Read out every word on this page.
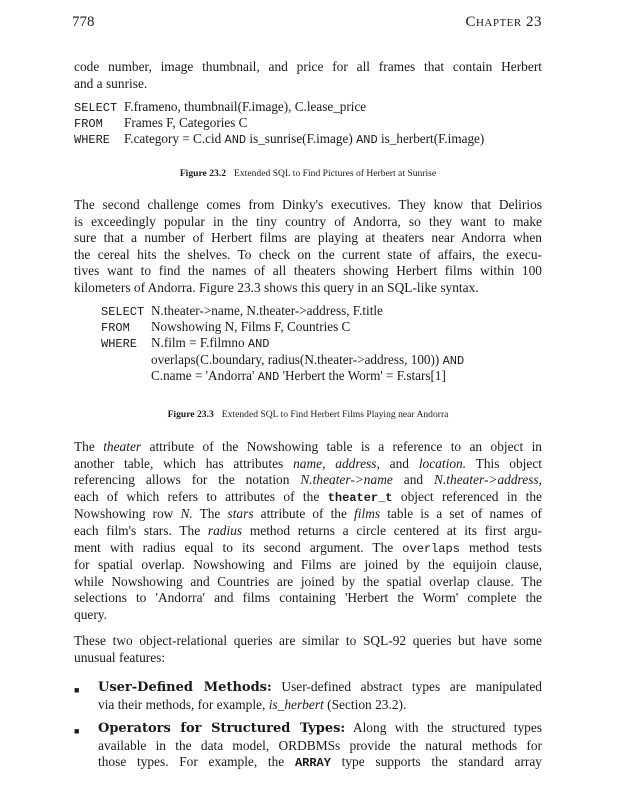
778	Chapter 23
code number, image thumbnail, and price for all frames that contain Herbert
and a sunrise.
SELECT F.frameno, thumbnail(F.image), C.lease_price
FROM Frames F, Categories C
WHERE F.category = C.cid AND is_sunrise(F.image) AND is_herbert(F.image)
Figure 23.2 Extended SQL to Find Pictures of Herbert at Sunrise
The second challenge comes from Dinky's executives. They know that Delirios
is exceedingly popular in the tiny country of Andorra, so they want to make
sure that a number of Herbert films are playing at theaters near Andorra when
the cereal hits the shelves. To check on the current state of affairs, the execu-
tives want to find the names of all theaters showing Herbert films within 100
kilometers of Andorra. Figure 23.3 shows this query in an SQL-like syntax.
SELECT N.theater->name, N.theater->address, F.title
FROM Nowshowing N, Films F, Countries C
WHERE N.film = F.filmno AND
overlaps(C.boundary, radius(N.theater->address, 100)) AND
C.name = 'Andorra' AND 'Herbert the Worm' = F.stars[1]
Figure 23.3 Extended SQL to Find Herbert Films Playing near Andorra
The theater attribute of the Nowshowing table is a reference to an object in
another table, which has attributes name, address, and location. This object
referencing allows for the notation N.theater->name and N.theater->address,
each of which refers to attributes of the theater_t object referenced in the
Nowshowing row N. The stars attribute of the films table is a set of names of
each film's stars. The radius method returns a circle centered at its first argu-
ment with radius equal to its second argument. The overlaps method tests
for spatial overlap. Nowshowing and Films are joined by the equijoin clause,
while Nowshowing and Countries are joined by the spatial overlap clause. The
selections to 'Andorra' and films containing 'Herbert the Worm' complete the
query.
These two object-relational queries are similar to SQL-92 queries but have some
unusual features:
■ User-Defined Methods: User-defined abstract types are manipulated
via their methods, for example, is_herbert (Section 23.2).
■ Operators for Structured Types: Along with the structured types
available in the data model, ORDBMSs provide the natural methods for
those types. For example, the ARRAY type supports the standard array
